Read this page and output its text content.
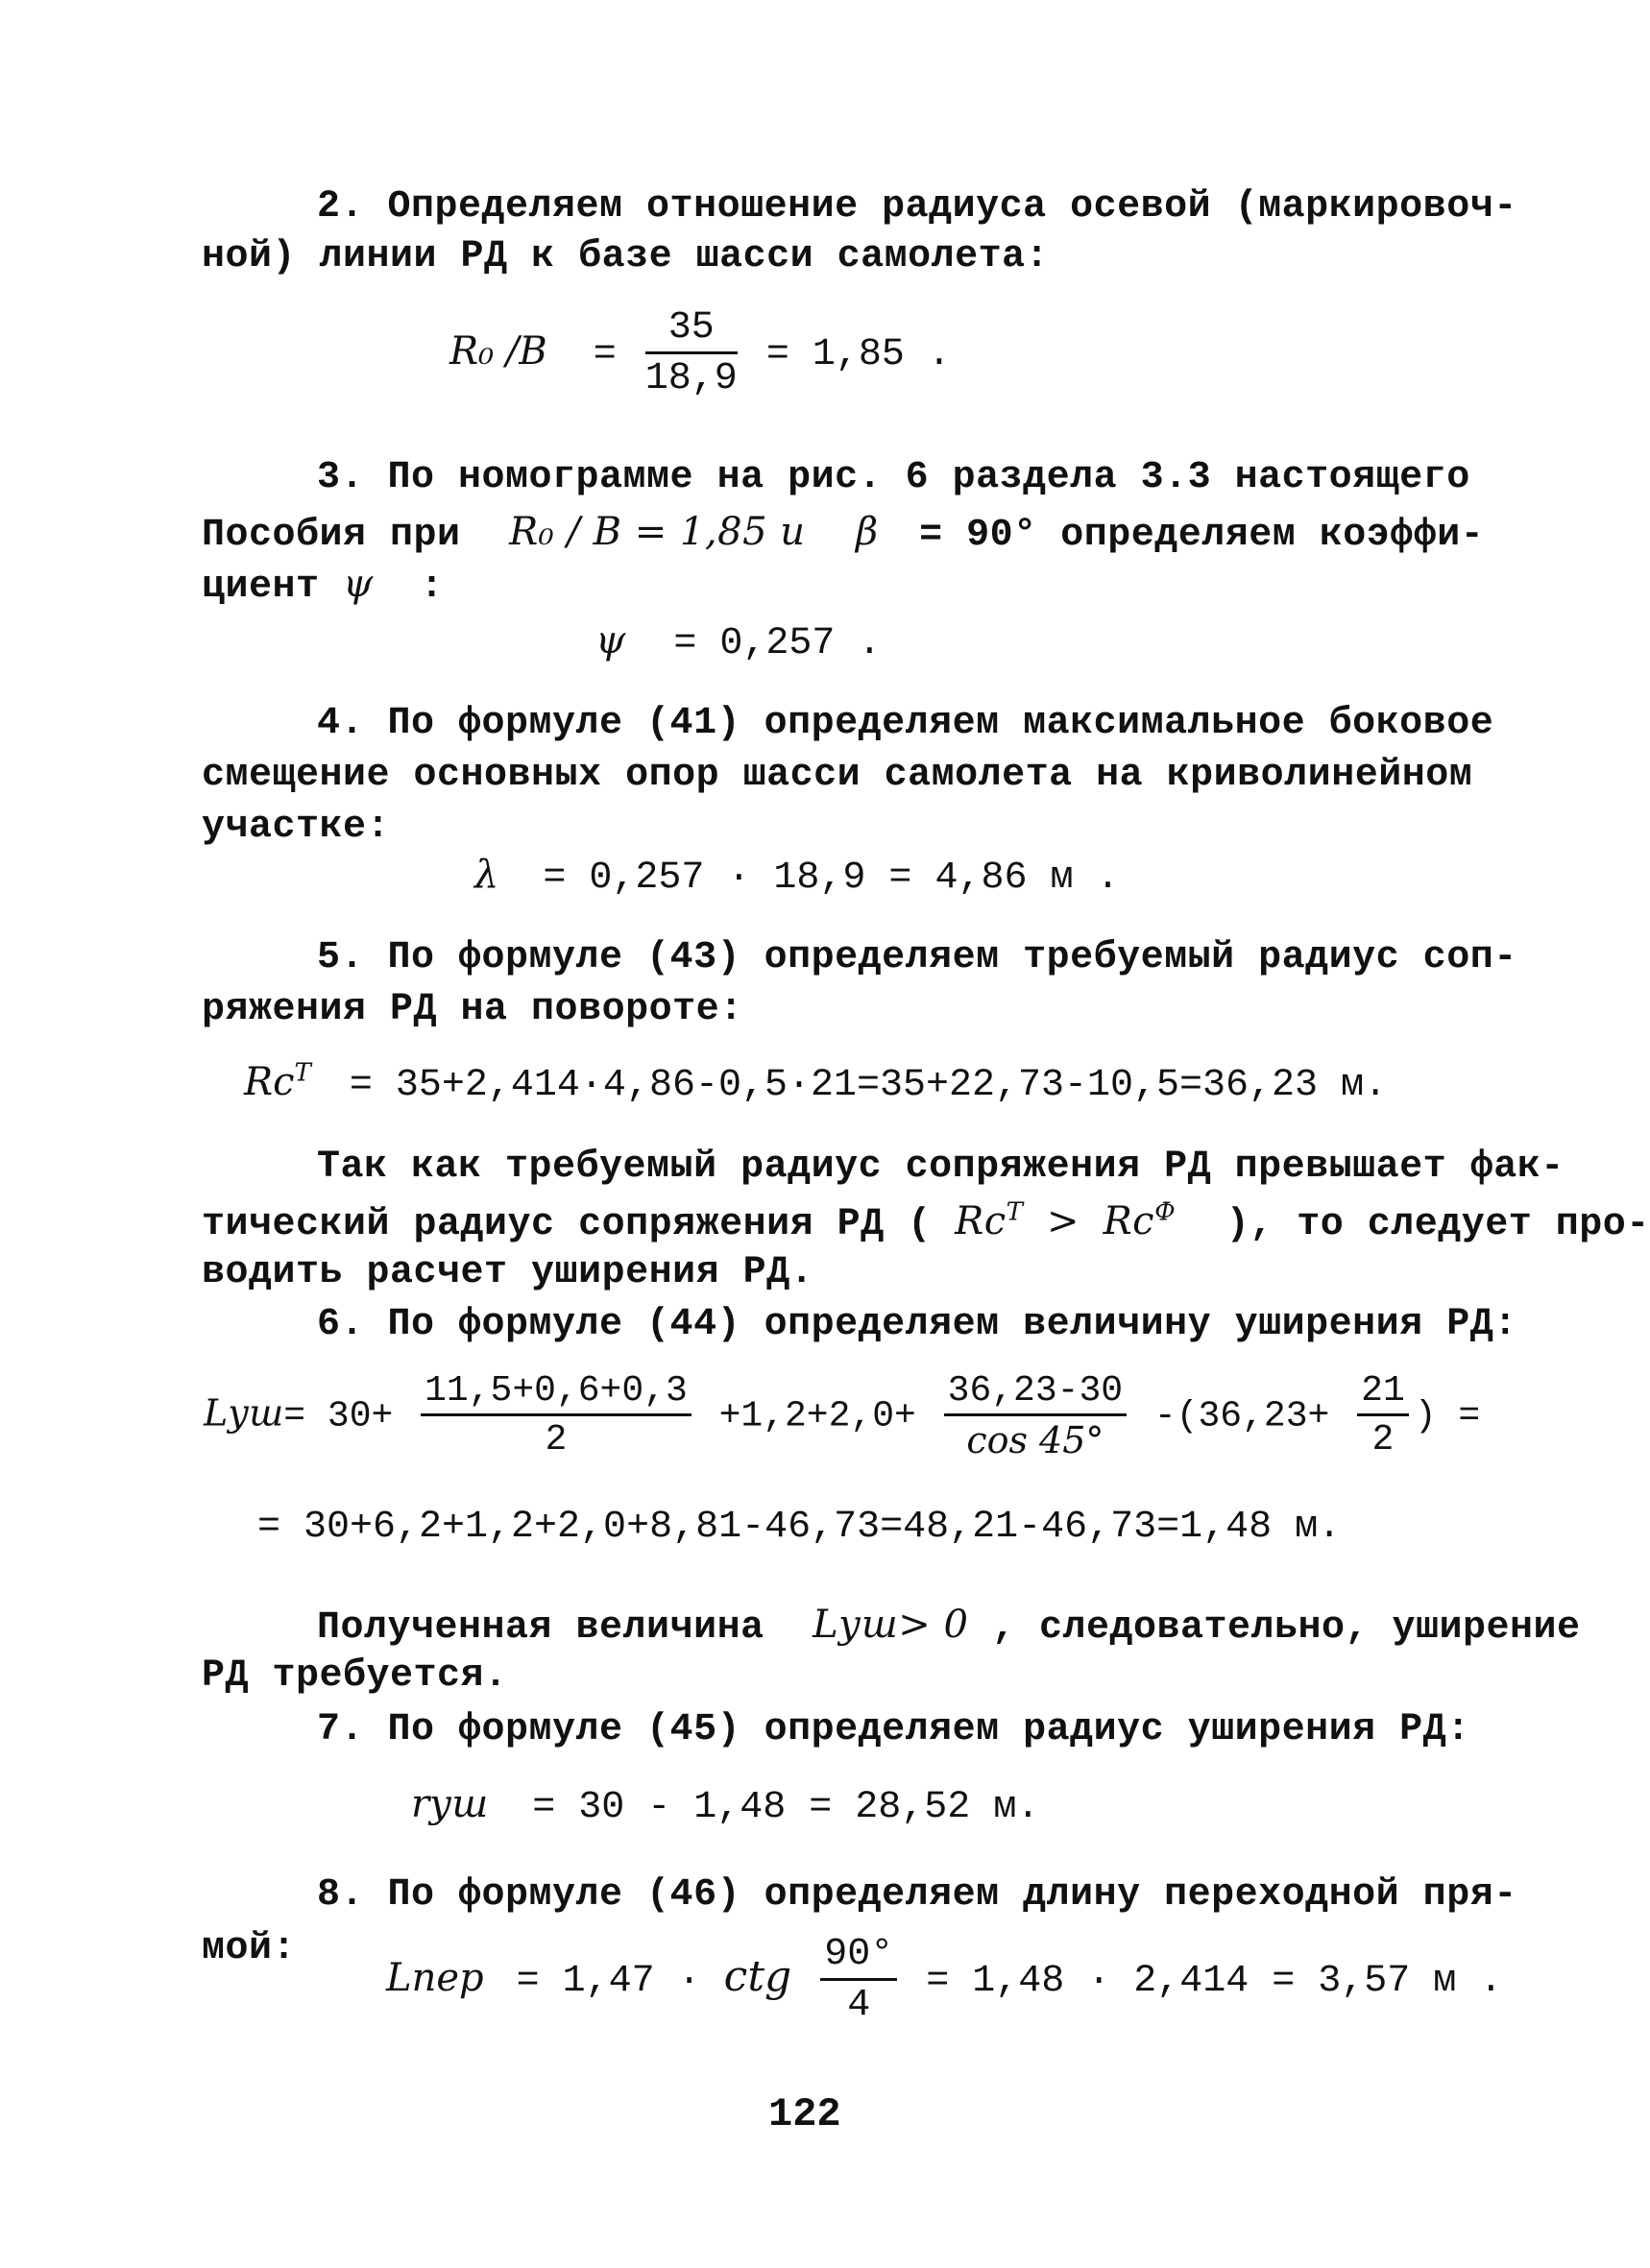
2. Определяем отношение радиуса осевой (маркировоч-
ной) линии РД к базе шасси самолета:
R₀ $/B = \frac{35}{18,9} = 1,85$ .
3. По номограмме на рис. 6 раздела 3.3 настоящего
Пособия при R₀ / B = 1,85 и β = 90° определяем коэффи-
циент ψ :
ψ = 0,257 .
4. По формуле (41) определяем максимальное боковое
смещение основных опор шасси самолета на криволинейном
участке:
λ = 0,257 · 18,9 = 4,86 м .
5. По формуле (43) определяем требуемый радиус соп-
ряжения РД на повороте:
$Rc^T = 35+2,414\cdot 4,86-0,5\cdot 21=35+22,73-10,5=36,23$ м.
Так как требуемый радиус сопряжения РД превышает фак-
тический радиус сопряжения РД ( $Rc^T > Rc^Ф$ ), то следует про-
водить расчет уширения РД.
6. По формуле (44) определяем величину уширения РД:
$Lуш= 30+ \frac{11,5+0,6+0,3}{2} +1,2+2,0+ \frac{36,23-30}{\cos 45^\circ} -(36,23+ \frac{21}{2}$ ) =
= 30+6,2+1,2+2,0+8,81-46,73=48,21-46,73=1,48 м.
Полученная величина Lуш> 0 , следовательно, уширение
РД требуется.
7. По формуле (45) определяем радиус уширения РД:
rуш = 30 - 1,48 = 28,52 м.
8. По формуле (46) определяем длину переходной пря-
мой:
Lпер = 1,47 · ctg $\frac{90^\circ}{4} = 1,48 \cdot 2,414 = 3,57$ м .
122
